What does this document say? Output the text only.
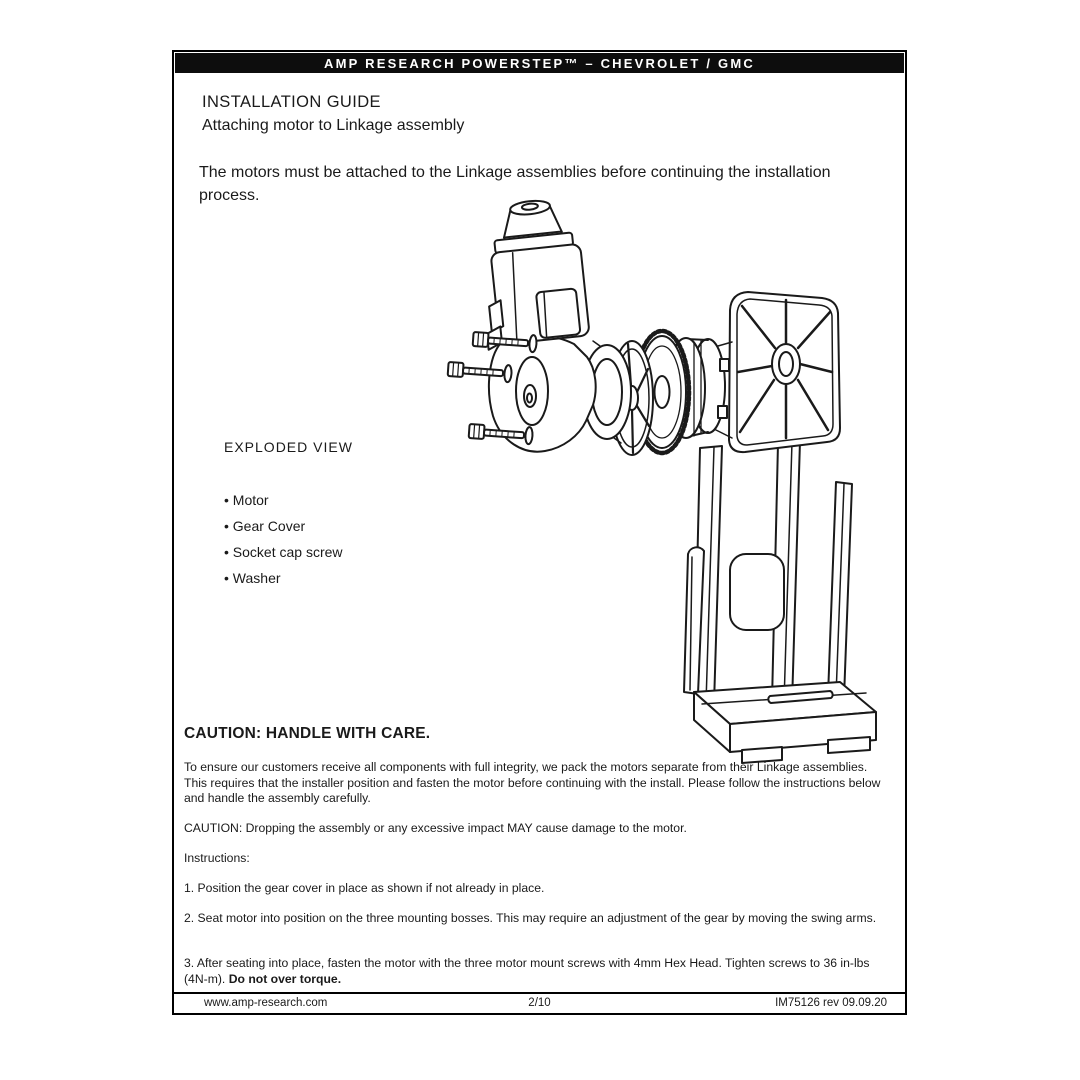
AMP RESEARCH POWERSTEP™ – CHEVROLET / GMC
INSTALLATION GUIDE
Attaching motor to Linkage assembly
The motors must be attached to the Linkage assemblies before continuing the installation process.
EXPLODED VIEW
• Motor
• Gear Cover
• Socket cap screw
• Washer
CAUTION: HANDLE WITH CARE.
To ensure our customers receive all components with full integrity, we pack the motors separate from their Linkage assemblies. This requires that the installer position and fasten the motor before continuing with the install. Please follow the instructions below and handle the assembly carefully.
CAUTION: Dropping the assembly or any excessive impact MAY cause damage to the motor.
Instructions:
1. Position the gear cover in place as shown if not already in place.
2. Seat motor into position on the three mounting bosses. This may require an adjustment of the gear by moving the swing arms.
3. After seating into place, fasten the motor with the three motor mount screws with 4mm Hex Head. Tighten screws to 36 in-lbs (4N-m). Do not over torque.
www.amp-research.com	2/10	IM75126 rev 09.09.20
